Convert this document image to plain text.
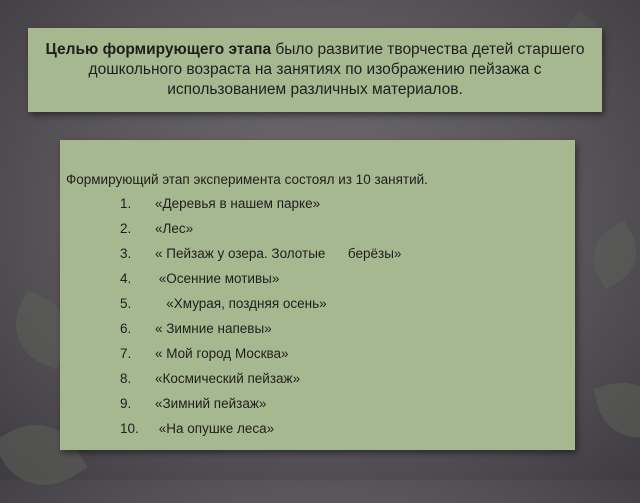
Целью формирующего этапа было развитие творчества детей старшего дошкольного возраста на занятиях по изображению пейзажа с использованием различных материалов.
Формирующий этап эксперимента состоял из 10 занятий.
1. «Деревья в нашем парке»
2. «Лес»
3. « Пейзаж у озера. Золотые      берёзы»
4. «Осенние мотивы»
5. «Хмурая, поздняя осень»
6. « Зимние напевы»
7. « Мой город Москва»
8. «Космический пейзаж»
9. «Зимний пейзаж»
10. «На опушке леса»
